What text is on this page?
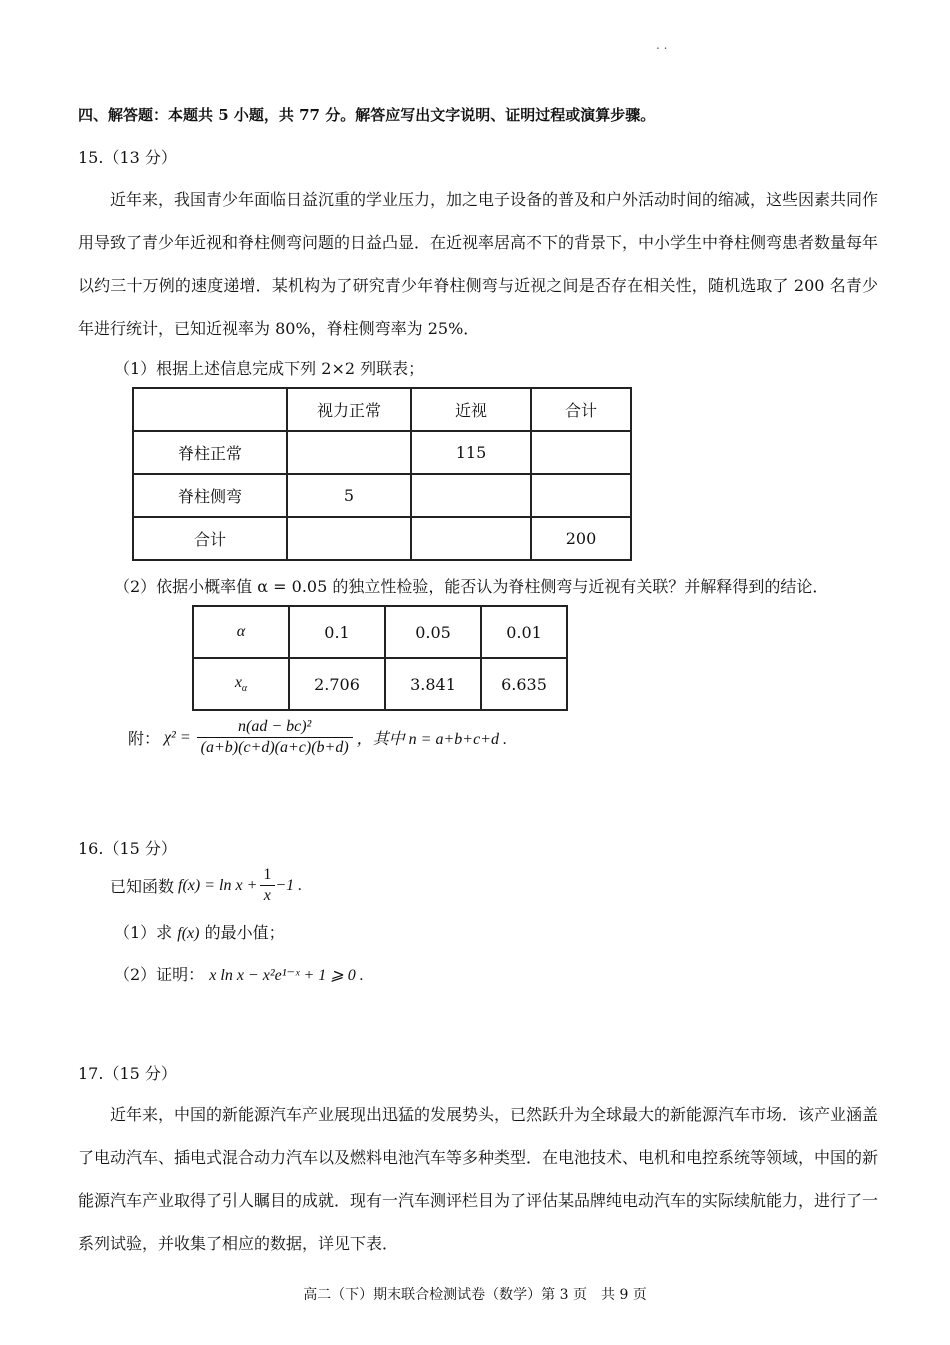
. .
四、解答题：本题共 5 小题，共 77 分。解答应写出文字说明、证明过程或演算步骤。
15.（13 分）
近年来，我国青少年面临日益沉重的学业压力，加之电子设备的普及和户外活动时间的缩减，这些因素共同作用导致了青少年近视和脊柱侧弯问题的日益凸显．在近视率居高不下的背景下，中小学生中脊柱侧弯患者数量每年以约三十万例的速度递增．某机构为了研究青少年脊柱侧弯与近视之间是否存在相关性，随机选取了 200 名青少年进行统计，已知近视率为 80%，脊柱侧弯率为 25%．
（1）根据上述信息完成下列 2×2 列联表；
	视力正常	近视	合计
脊柱正常		115	
脊柱侧弯	5		
合计			200
（2）依据小概率值 α = 0.05 的独立性检验，能否认为脊柱侧弯与近视有关联？并解释得到的结论．
α	0.1	0.05	0.01
$x_\alpha$	2.706	3.841	6.635
附： $\chi^2 = \frac{\text{n(ad − bc)²}}{(a+b)(c+d)(a+c)(b+d)}$ ，其中 n = a+b+c+d .
16.（15 分）
已知函数 $f(x) = \ln x + \frac{1}{x} -1$ .
（1）求 f(x) 的最小值；
（2）证明： x ln x − x²e¹⁻ˣ + 1 ⩾ 0 .
17.（15 分）
近年来，中国的新能源汽车产业展现出迅猛的发展势头，已然跃升为全球最大的新能源汽车市场．该产业涵盖了电动汽车、插电式混合动力汽车以及燃料电池汽车等多种类型．在电池技术、电机和电控系统等领域，中国的新能源汽车产业取得了引人瞩目的成就．现有一汽车测评栏目为了评估某品牌纯电动汽车的实际续航能力，进行了一系列试验，并收集了相应的数据，详见下表．
高二（下）期末联合检测试卷（数学）第 3 页　共 9 页
